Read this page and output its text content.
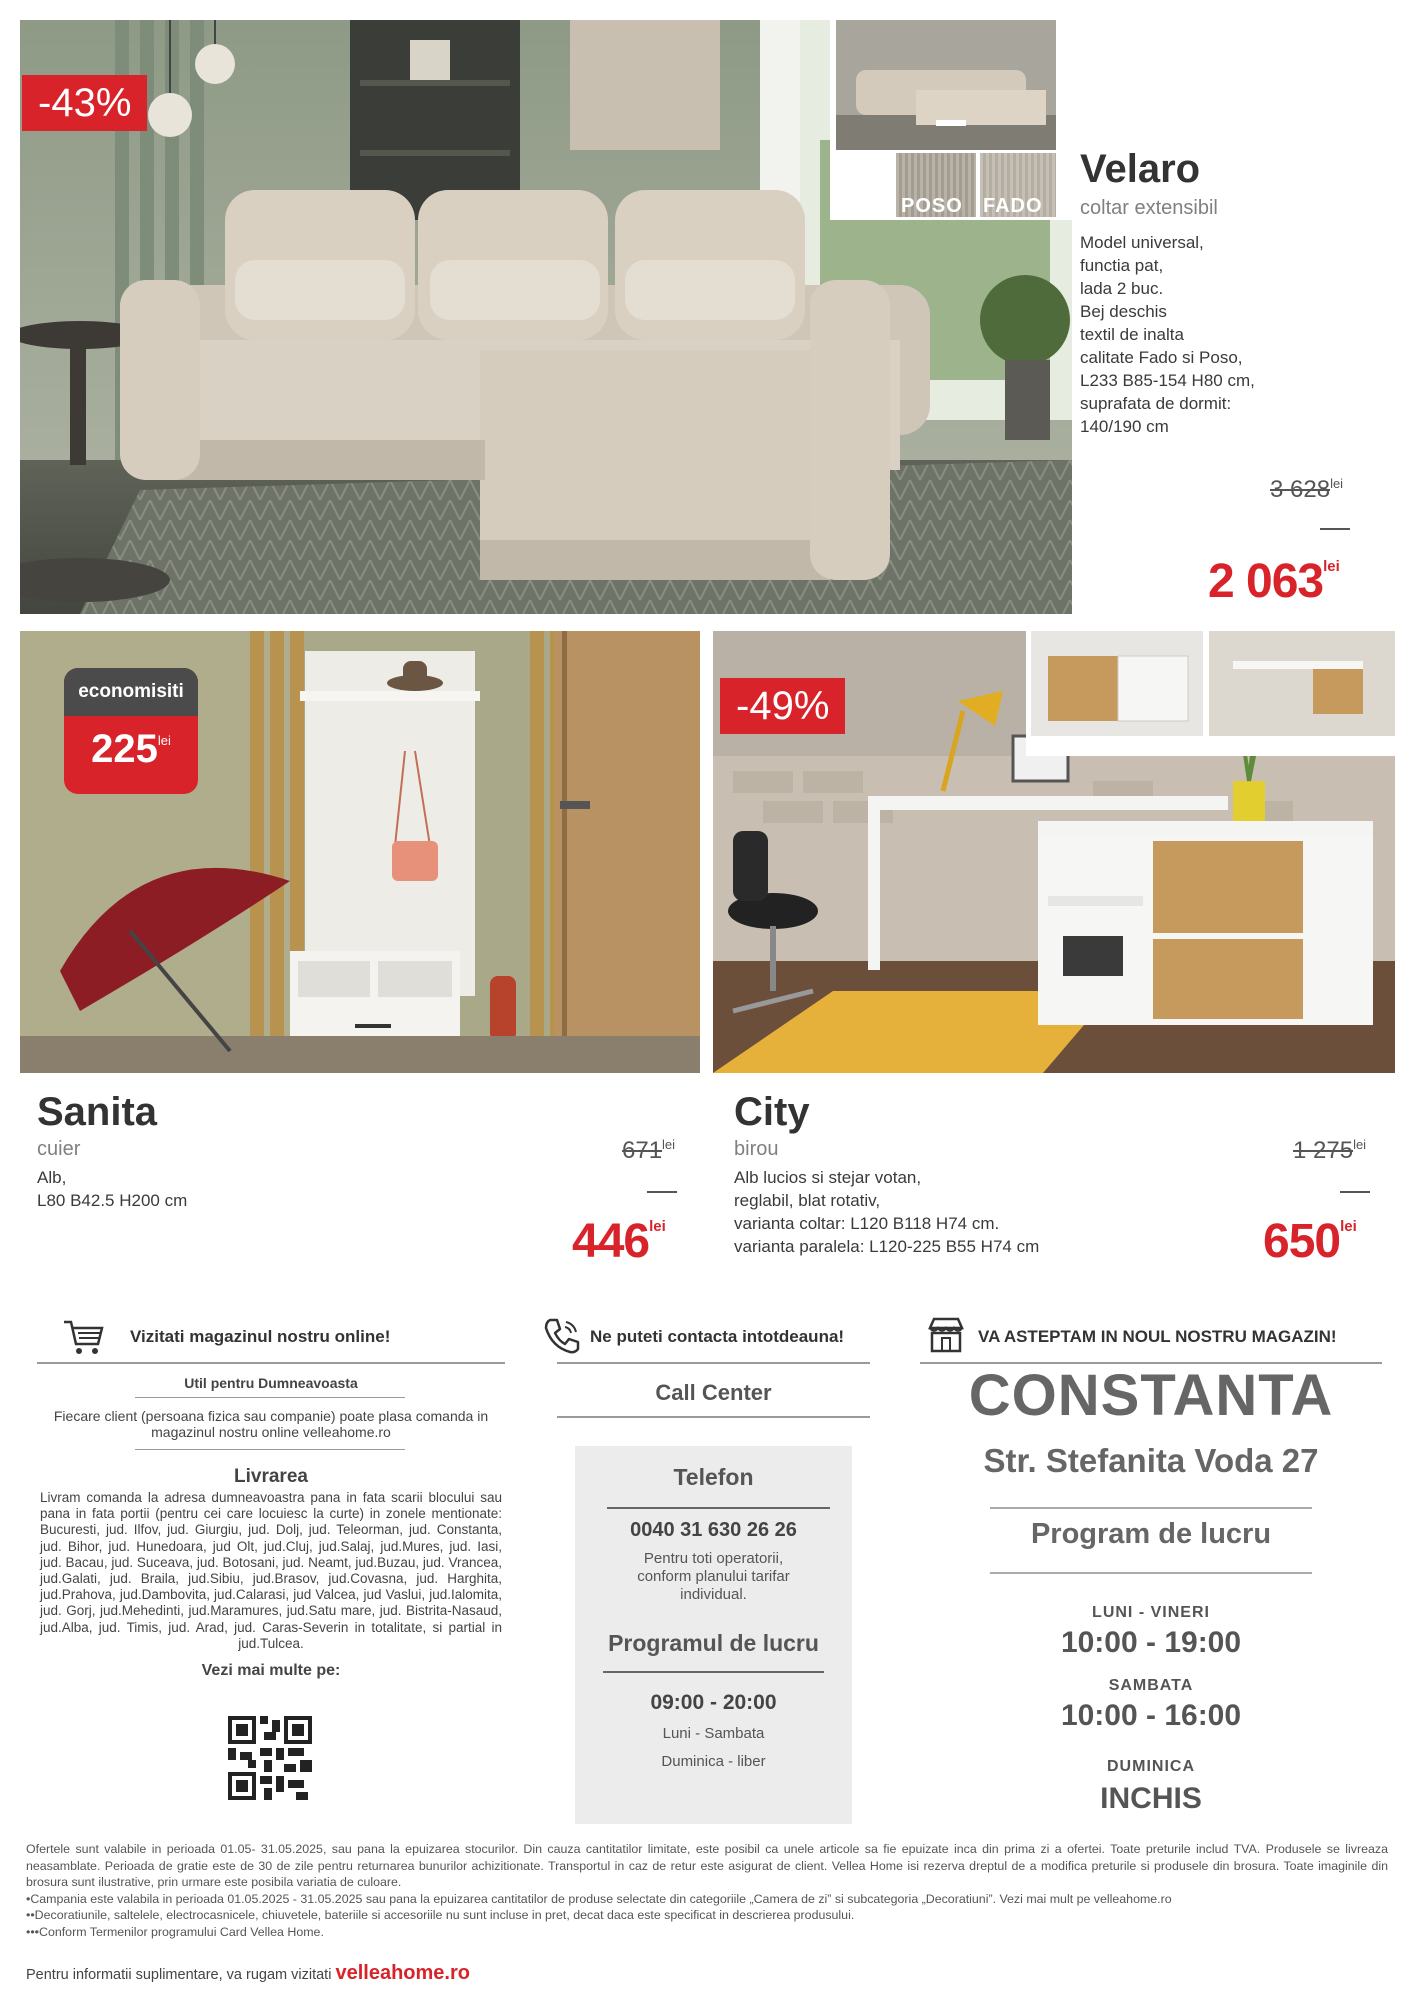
POSO FADO
-43%
Velaro
coltar extensibil
Model universal,
functia pat,
lada 2 buc.
Bej deschis
textil de inalta
calitate Fado si Poso,
L233 B85-154 H80 cm,
suprafata de dormit:
140/190 cm
3 $628^{lei}$
2 063lei
economisiti
$225^{lei}$
Sanita
cuier
Alb,
L80 B42.5 H200 cm
$671^{lei}$
446lei
-49%
City
birou
Alb lucios si stejar votan,
reglabil, blat rotativ,
varianta coltar: L120 B118 H74 cm.
varianta paralela: L120-225 B55 H74 cm
1 $275^{lei}$
650lei
Vizitati magazinul nostru online!
Util pentru Dumneavoasta
Fiecare client (persoana fizica sau companie) poate plasa comanda in magazinul nostru online velleahome.ro
Livrarea
Livram comanda la adresa dumneavoastra pana in fata scarii blocului sau pana in fata portii (pentru cei care locuiesc la curte) in zonele mentionate: Bucuresti, jud. Ilfov, jud. Giurgiu, jud. Dolj, jud. Teleorman, jud. Constanta, jud. Bihor, jud. Hunedoara, jud Olt, jud.Cluj, jud.Salaj, jud.Mures, jud. Iasi, jud. Bacau, jud. Suceava, jud. Botosani, jud. Neamt, jud.Buzau, jud. Vrancea, jud.Galati, jud. Braila, jud.Sibiu, jud.Brasov, jud.Covasna, jud. Harghita, jud.Prahova, jud.Dambovita, jud.Calarasi, jud Valcea, jud Vaslui, jud.Ialomita, jud. Gorj, jud.Mehedinti, jud.Maramures, jud.Satu mare, jud. Bistrita-Nasaud, jud.Alba, jud. Timis, jud. Arad, jud. Caras-Severin in totalitate, si partial in jud.Tulcea.
Vezi mai multe pe:
Ne puteti contacta intotdeauna!
Call Center
Telefon
0040 31 630 26 26
Pentru toti operatorii, conform planului tarifar individual.
Programul de lucru
09:00 - 20:00
Luni - Sambata
Duminica - liber
VA ASTEPTAM IN NOUL NOSTRU MAGAZIN!
CONSTANTA
Str. Stefanita Voda 27
Program de lucru
LUNI - VINERI
10:00 - 19:00
SAMBATA
10:00 - 16:00
DUMINICA
INCHIS
Ofertele sunt valabile in perioada 01.05- 31.05.2025, sau pana la epuizarea stocurilor. Din cauza cantitatilor limitate, este posibil ca unele articole sa fie epuizate inca din prima zi a ofertei. Toate preturile includ TVA. Produsele se livreaza neasamblate. Perioada de gratie este de 30 de zile pentru returnarea bunurilor achizitionate. Transportul in caz de retur este asigurat de client. Vellea Home isi rezerva dreptul de a modifica preturile si produsele din brosura. Toate imaginile din brosura sunt ilustrative, prin urmare este posibila variatia de culoare.
•Campania este valabila in perioada 01.05.2025 - 31.05.2025 sau pana la epuizarea cantitatilor de produse selectate din categoriile „Camera de zi” si subcategoria „Decoratiuni”. Vezi mai mult pe velleahome.ro
••Decoratiunile, saltelele, electrocasnicele, chiuvetele, bateriile si accesoriile nu sunt incluse in pret, decat daca este specificat in descrierea produsului.
•••Conform Termenilor programului Card Vellea Home.
Pentru informatii suplimentare, va rugam vizitati velleahome.ro
